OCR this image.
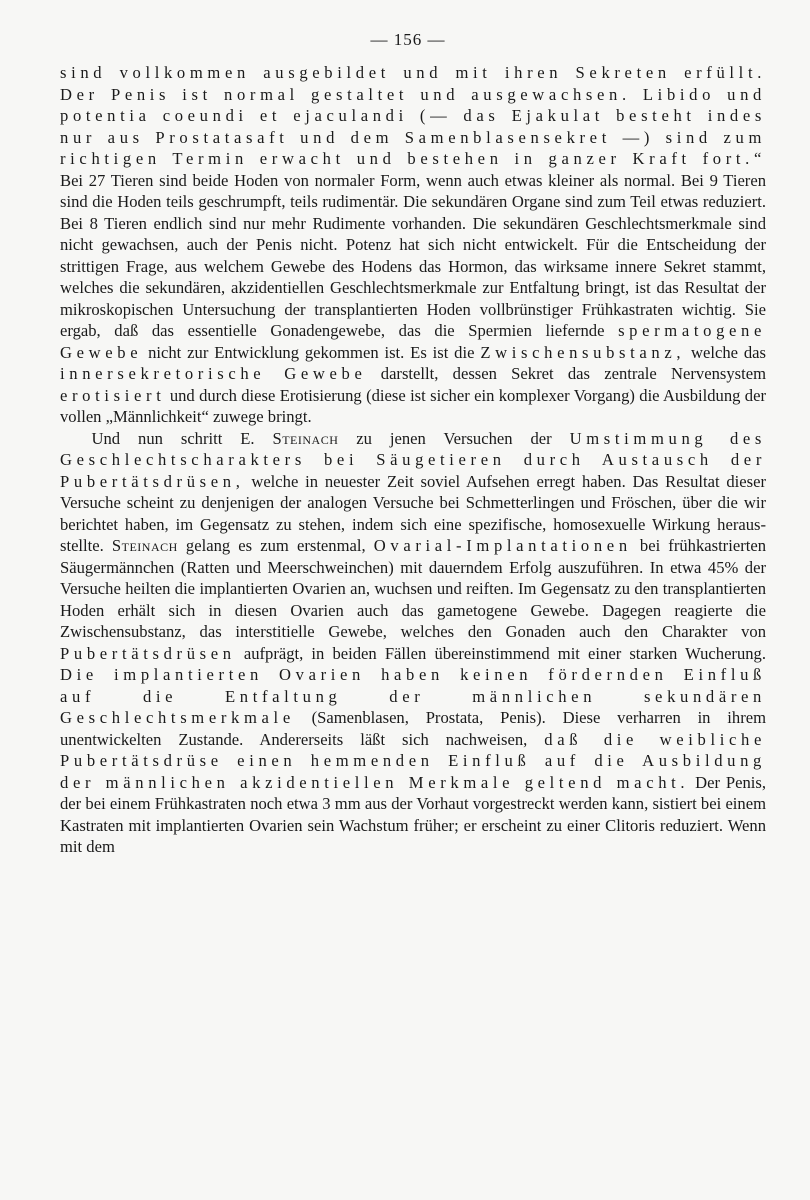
— 156 —

sind vollkommen ausgebildet und mit ihren Sekreten erfüllt. Der Penis ist normal gestaltet und ausgewachsen. Libido und potentia coeundi et ejaculandi (— das Ejakulat besteht indes nur aus Prostatasaft und dem Samenblasensekret —) sind zum richtigen Termin erwacht und bestehen in ganzer Kraft fort.“ Bei 27 Tieren sind beide Hoden von normaler Form, wenn auch etwas kleiner als normal. Bei 9 Tieren sind die Hoden teils geschrumpft, teils rudimentär. Die sekundären Organe sind zum Teil etwas reduziert. Bei 8 Tieren endlich sind nur mehr Rudimente vorhanden. Die sekundären Geschlechtsmerkmale sind nicht gewachsen, auch der Penis nicht. Potenz hat sich nicht entwickelt. Für die Entscheidung der strittigen Frage, aus welchem Gewebe des Hodens das Hormon, das wirksame innere Sekret stammt, welches die sekundären, akzidentiellen Geschlechtsmerkmale zur Entfaltung bringt, ist das Resultat der mikroskopischen Untersuchung der transplantierten Hoden vollbrünstiger Frühkastraten wichtig. Sie ergab, daß das essentielle Gonadengewebe, das die Spermien liefernde spermatogene Gewebe nicht zur Entwicklung gekommen ist. Es ist die Zwischensubstanz, welche das innersekretorische Gewebe darstellt, dessen Sekret das zentrale Nervensystem erotisiert und durch diese Erotisierung (diese ist sicher ein komplexer Vorgang) die Ausbildung der vollen „Männlichkeit“ zuwege bringt.

Und nun schritt E. Steinach zu jenen Versuchen der Umstimmung des Geschlechtscharakters bei Säugetieren durch Austausch der Pubertätsdrüsen, welche in neuester Zeit soviel Aufsehen erregt haben. Das Resultat dieser Versuche scheint zu denjenigen der analogen Versuche bei Schmetterlingen und Fröschen, über die wir berichtet haben, im Gegensatz zu stehen, indem sich eine spezifische, homosexuelle Wirkung herausstellte. Steinach gelang es zum erstenmal, Ovarial-Implantationen bei frühkastrierten Säugermännchen (Ratten und Meerschweinchen) mit dauerndem Erfolg auszuführen. In etwa 45% der Versuche heilten die implantierten Ovarien an, wuchsen und reiften. Im Gegensatz zu den transplantierten Hoden erhält sich in diesen Ovarien auch das gametogene Gewebe. Dagegen reagierte die Zwischensubstanz, das interstitielle Gewebe, welches den Gonaden auch den Charakter von Pubertätsdrüsen aufprägt, in beiden Fällen übereinstimmend mit einer starken Wucherung. Die implantierten Ovarien haben keinen fördernden Einfluß auf die Entfaltung der männlichen sekundären Geschlechtsmerkmale (Samenblasen, Prostata, Penis). Diese verharren in ihrem unentwickelten Zustande. Andererseits läßt sich nachweisen, daß die weibliche Pubertätsdrüse einen hemmenden Einfluß auf die Ausbildung der männlichen akzidentiellen Merkmale geltend macht. Der Penis, der bei einem Frühkastraten noch etwa 3 mm aus der Vorhaut vorgestreckt werden kann, sistiert bei einem Kastraten mit implantierten Ovarien sein Wachstum früher; er erscheint zu einer Clitoris reduziert. Wenn mit dem
